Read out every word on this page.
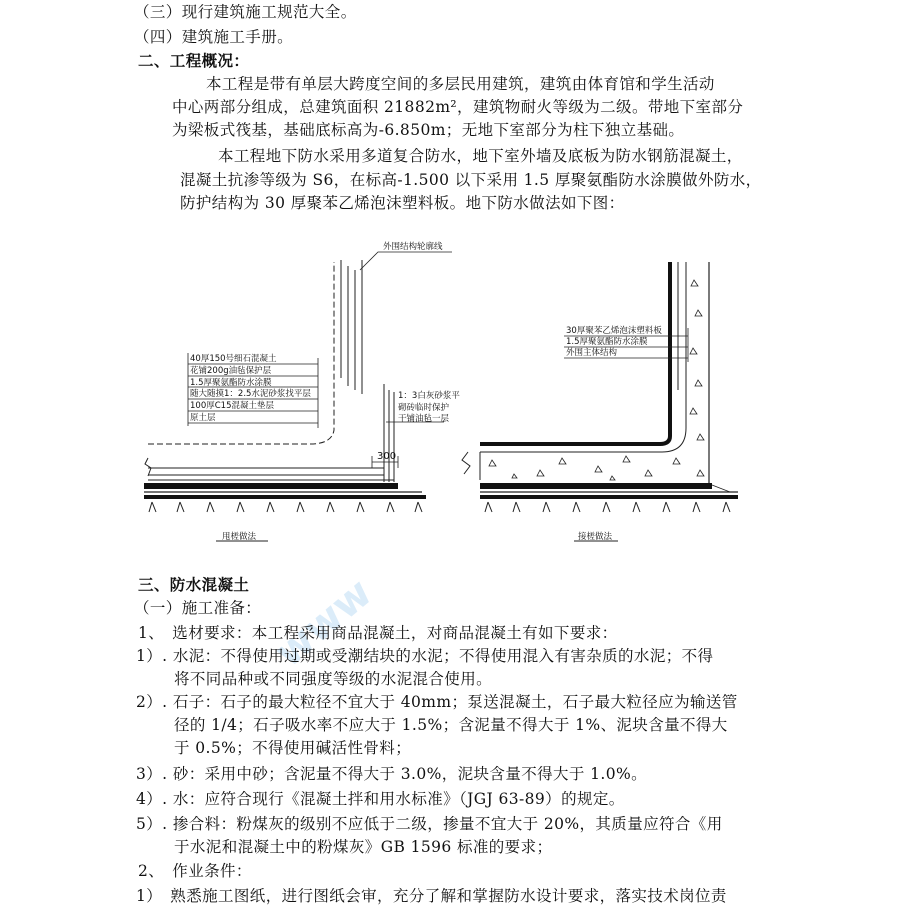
（三）现行建筑施工规范大全。
（四）建筑施工手册。
二、工程概况：
本工程是带有单层大跨度空间的多层民用建筑，建筑由体育馆和学生活动
中心两部分组成，总建筑面积 21882m²，建筑物耐火等级为二级。带地下室部分
为梁板式筏基，基础底标高为-6.850m；无地下室部分为柱下独立基础。
本工程地下防水采用多道复合防水，地下室外墙及底板为防水钢筋混凝土，
混凝土抗渗等级为 S6，在标高-1.500 以下采用 1.5 厚聚氨酯防水涂膜做外防水，
防护结构为 30 厚聚苯乙烯泡沫塑料板。地下防水做法如下图：
外围结构轮廓线
40厚150号细石混凝土
花铺200g油毡保护层
1.5厚聚氨酯防水涂膜
随大随摸1：2.5水泥砂浆找平层
100厚C15混凝土垫层
原土层
1：3白灰砂浆平
砌砖临时保护
干铺油毡一层
300
甩槎做法
30厚聚苯乙烯泡沫塑料板
1.5厚聚氨酯防水涂膜
外围主体结构
接槎做法
www
三、防水混凝土
（一）施工准备：
1、　选材要求：本工程采用商品混凝土，对商品混凝土有如下要求：
1）. 水泥：不得使用过期或受潮结块的水泥；不得使用混入有害杂质的水泥；不得
将不同品种或不同强度等级的水泥混合使用。
2）. 石子：石子的最大粒径不宜大于 40mm；泵送混凝土，石子最大粒径应为输送管
径的 1/4；石子吸水率不应大于 1.5%；含泥量不得大于 1%、泥块含量不得大
于 0.5%；不得使用碱活性骨料；
3）. 砂：采用中砂；含泥量不得大于 3.0%，泥块含量不得大于 1.0%。
4）. 水：应符合现行《混凝土拌和用水标准》（JGJ 63-89）的规定。
5）. 掺合料：粉煤灰的级别不应低于二级，掺量不宜大于 20%，其质量应符合《用
于水泥和混凝土中的粉煤灰》GB 1596 标准的要求；
2、　作业条件：
1）　熟悉施工图纸，进行图纸会审，充分了解和掌握防水设计要求，落实技术岗位责
